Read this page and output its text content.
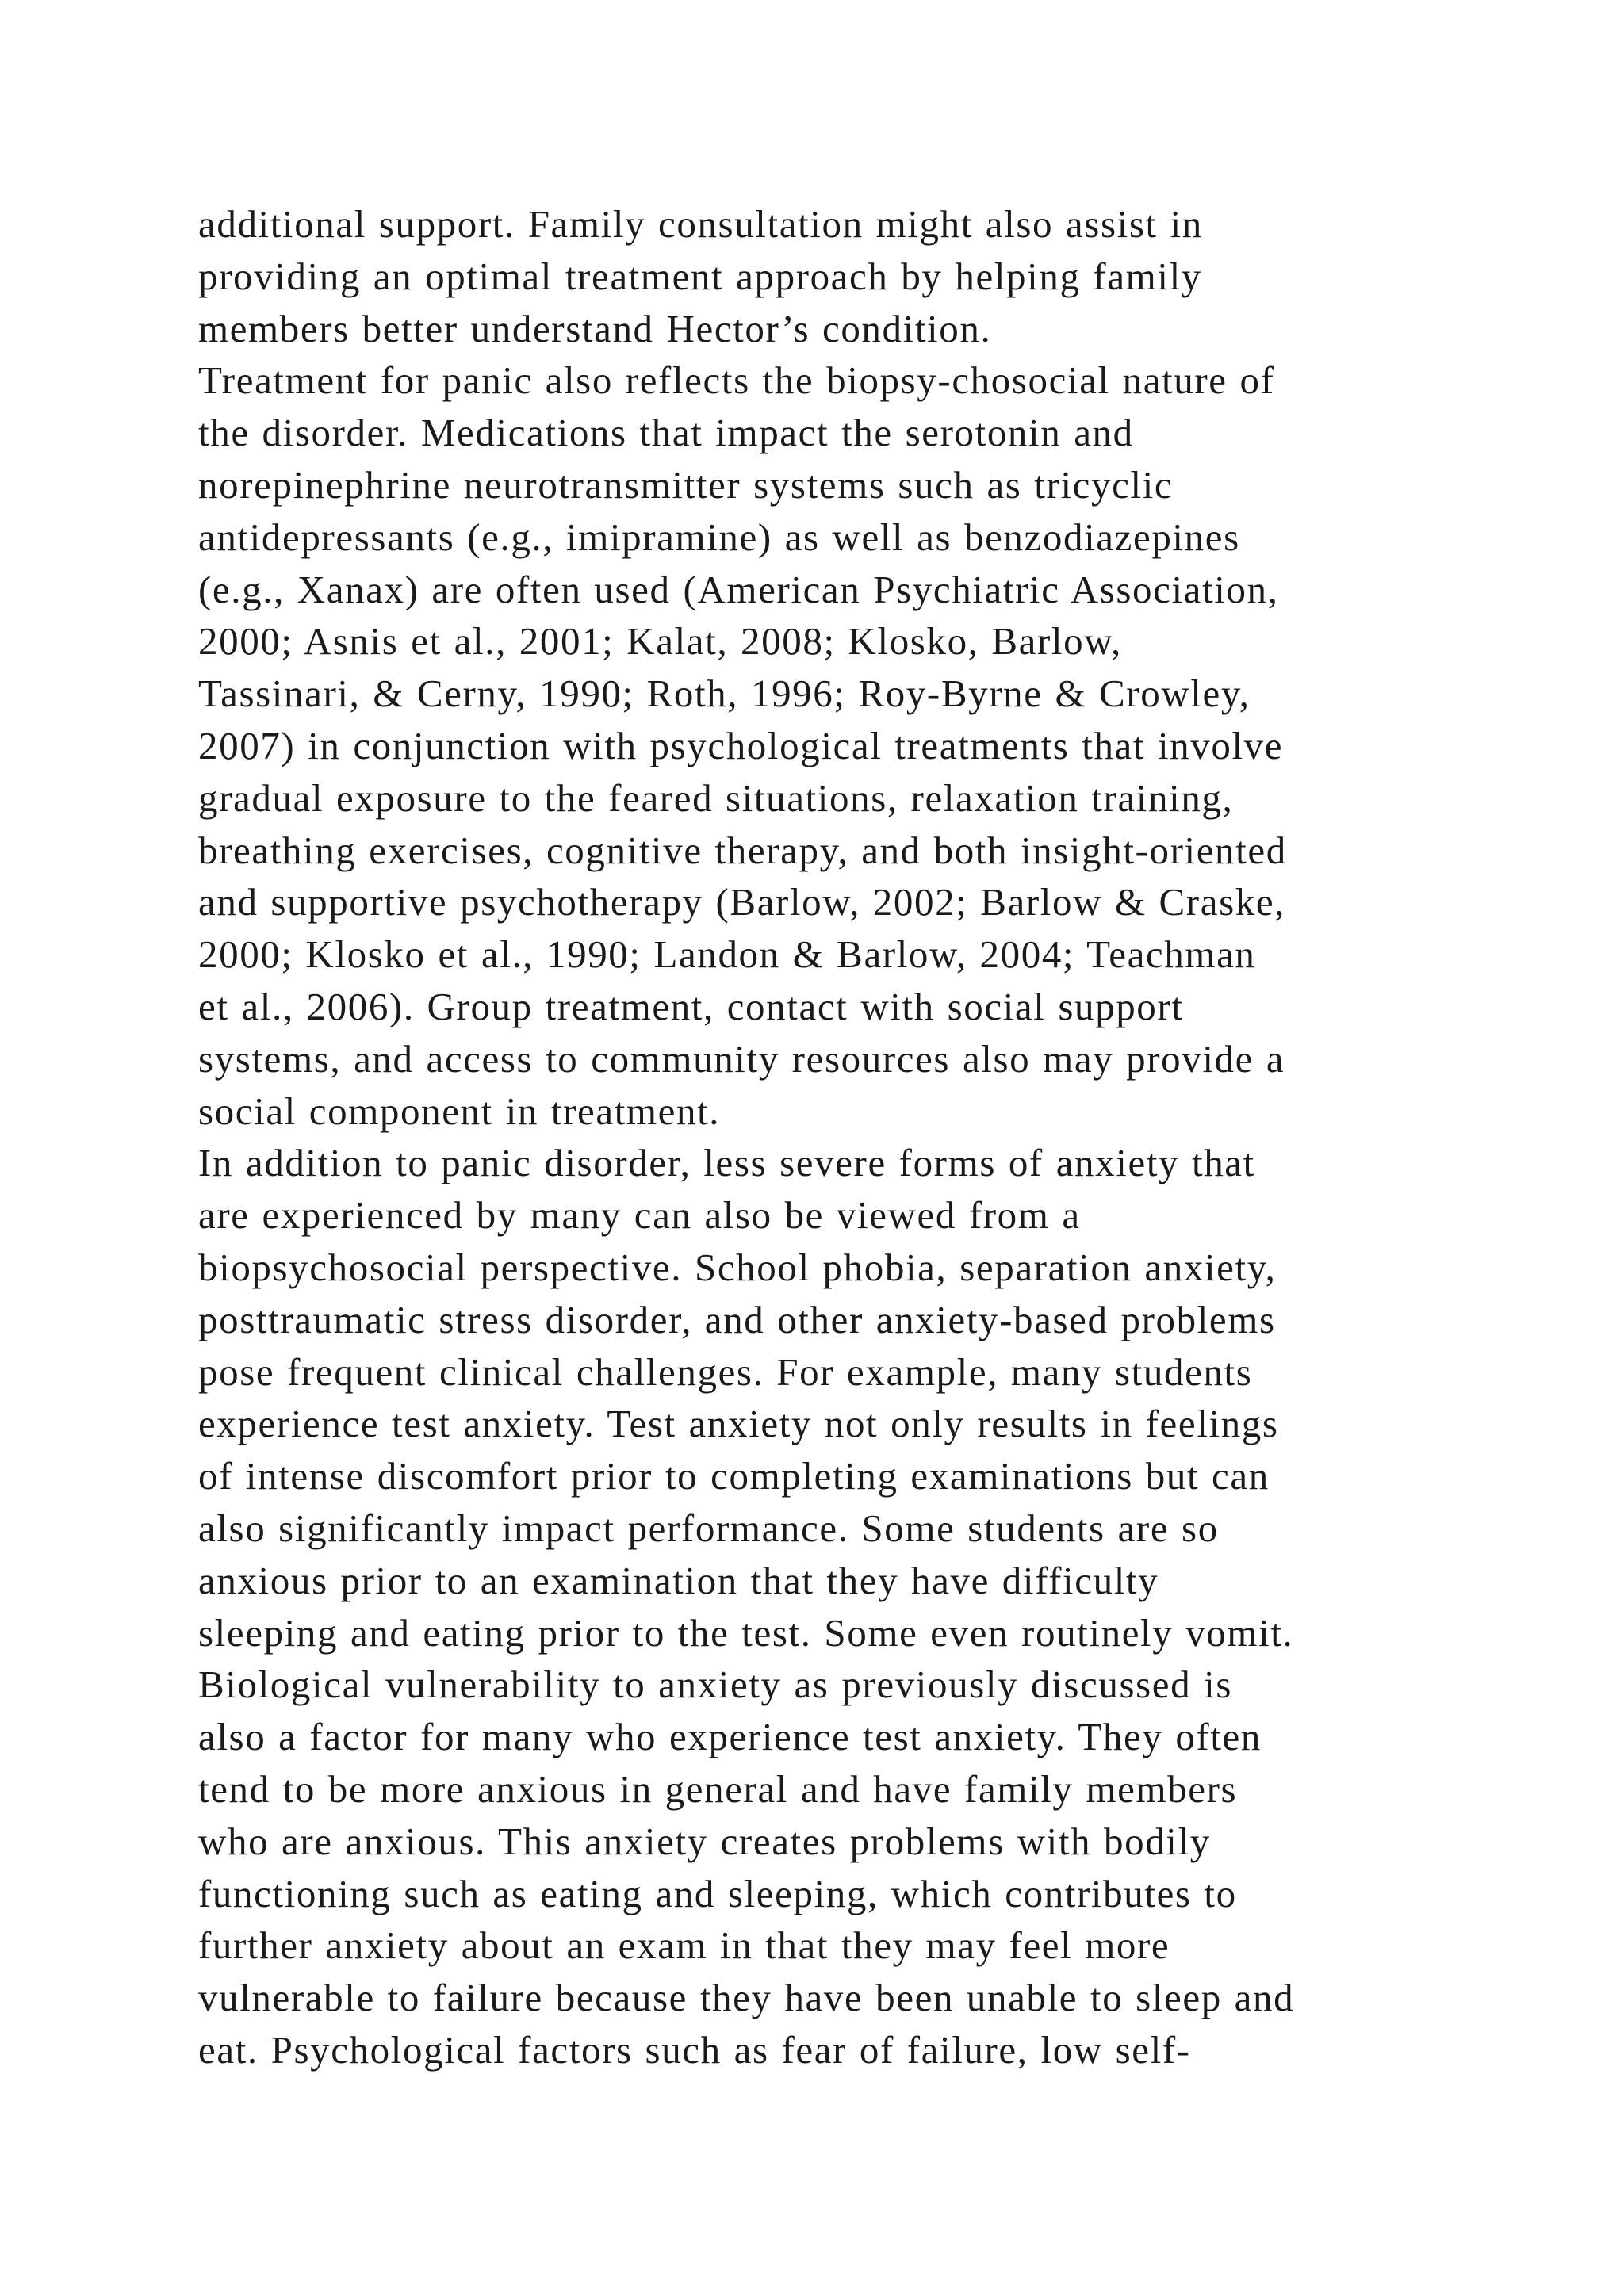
additional support. Family consultation might also assist in
providing an optimal treatment approach by helping family
members better understand Hector’s condition.
Treatment for panic also reflects the biopsy-chosocial nature of
the disorder. Medications that impact the serotonin and
norepinephrine neurotransmitter systems such as tricyclic
antidepressants (e.g., imipramine) as well as benzodiazepines
(e.g., Xanax) are often used (American Psychiatric Association,
2000; Asnis et al., 2001; Kalat, 2008; Klosko, Barlow,
Tassinari, & Cerny, 1990; Roth, 1996; Roy-Byrne & Crowley,
2007) in conjunction with psychological treatments that involve
gradual exposure to the feared situations, relaxation training,
breathing exercises, cognitive therapy, and both insight-oriented
and supportive psychotherapy (Barlow, 2002; Barlow & Craske,
2000; Klosko et al., 1990; Landon & Barlow, 2004; Teachman
et al., 2006). Group treatment, contact with social support
systems, and access to community resources also may provide a
social component in treatment.
In addition to panic disorder, less severe forms of anxiety that
are experienced by many can also be viewed from a
biopsychosocial perspective. School phobia, separation anxiety,
posttraumatic stress disorder, and other anxiety-based problems
pose frequent clinical challenges. For example, many students
experience test anxiety. Test anxiety not only results in feelings
of intense discomfort prior to completing examinations but can
also significantly impact performance. Some students are so
anxious prior to an examination that they have difficulty
sleeping and eating prior to the test. Some even routinely vomit.
Biological vulnerability to anxiety as previously discussed is
also a factor for many who experience test anxiety. They often
tend to be more anxious in general and have family members
who are anxious. This anxiety creates problems with bodily
functioning such as eating and sleeping, which contributes to
further anxiety about an exam in that they may feel more
vulnerable to failure because they have been unable to sleep and
eat. Psychological factors such as fear of failure, low self-
